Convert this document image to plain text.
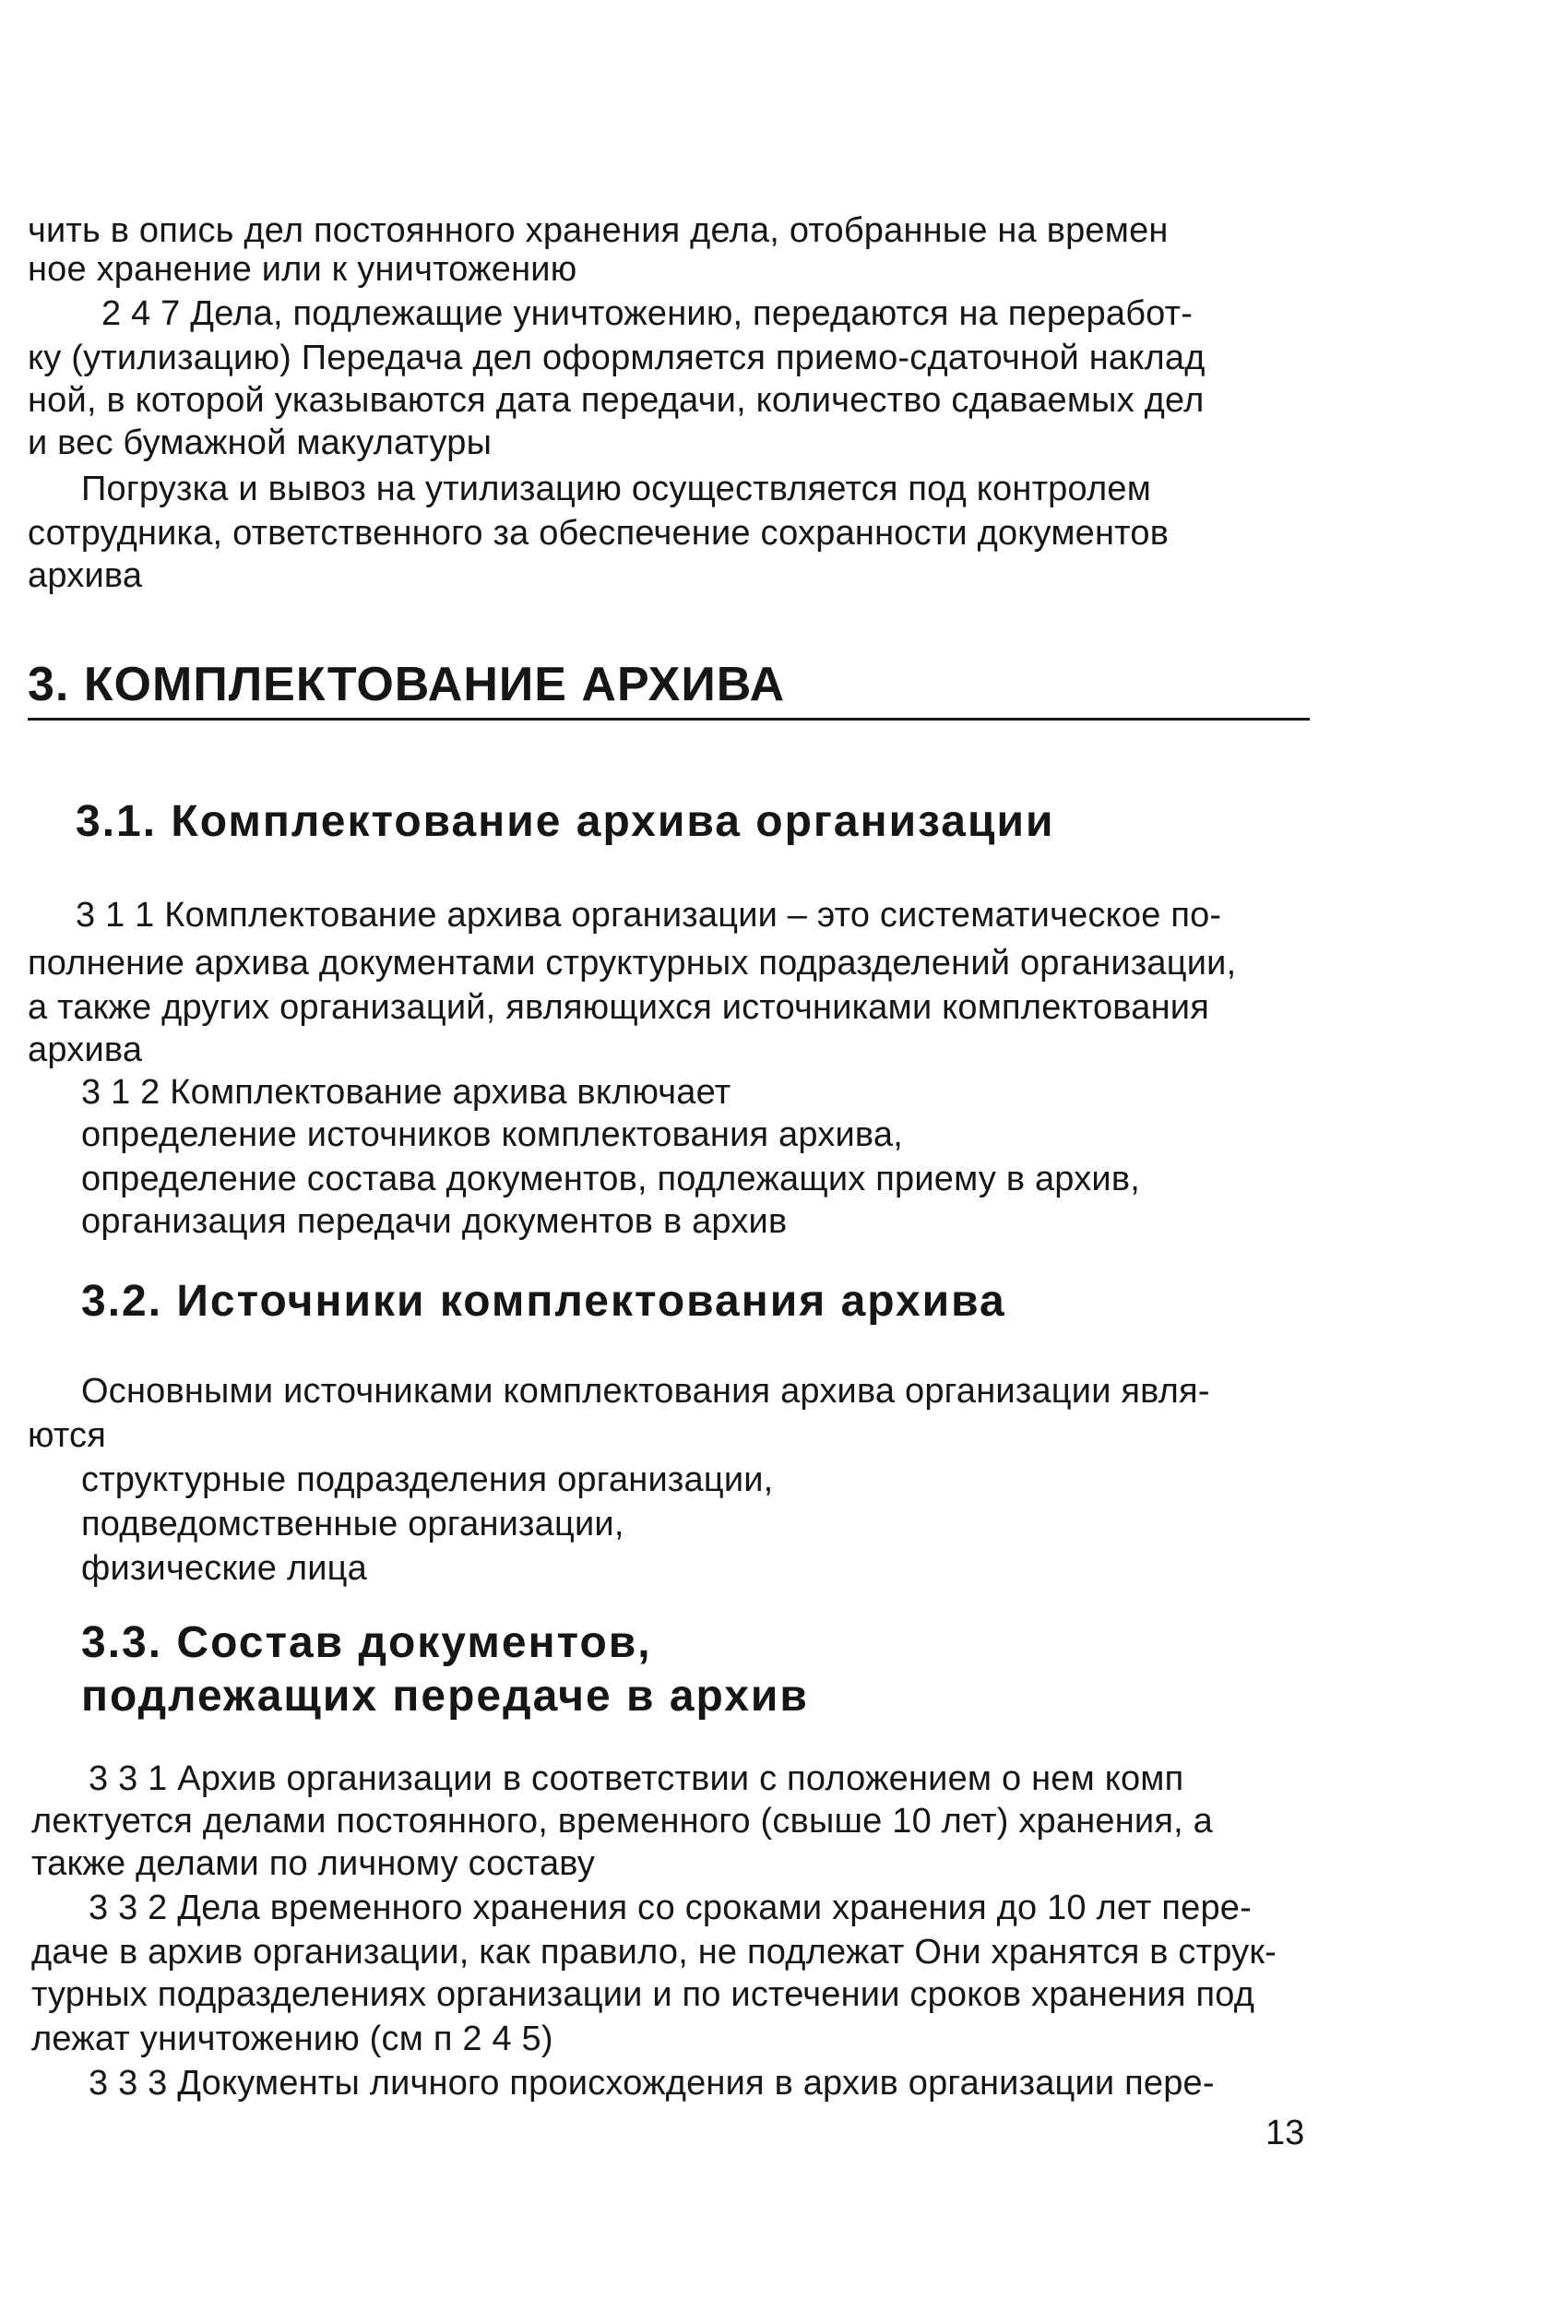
чить в опись дел постоянного хранения дела, отобранные на времен
ное хранение или к уничтожению
2 4 7 Дела, подлежащие уничтожению, передаются на переработ-
ку (утилизацию) Передача дел оформляется приемо-сдаточной наклад
ной, в которой указываются дата передачи, количество сдаваемых дел
и вес бумажной макулатуры
Погрузка и вывоз на утилизацию осуществляется под контролем
сотрудника, ответственного за обеспечение сохранности документов
архива
3. КОМПЛЕКТОВАНИЕ АРХИВА
3.1. Комплектование архива организации
3 1 1 Комплектование архива организации – это систематическое по-
полнение архива документами структурных подразделений организации,
а также других организаций, являющихся источниками комплектования
архива
3 1 2 Комплектование архива включает
определение источников комплектования архива,
определение состава документов, подлежащих приему в архив,
организация передачи документов в архив
3.2. Источники комплектования архива
Основными источниками комплектования архива организации явля-
ются
структурные подразделения организации,
подведомственные организации,
физические лица
3.3. Состав документов,
подлежащих передаче в архив
3 3 1 Архив организации в соответствии с положением о нем комп
лектуется делами постоянного, временного (свыше 10 лет) хранения, а
также делами по личному составу
3 3 2 Дела временного хранения со сроками хранения до 10 лет пере-
даче в архив организации, как правило, не подлежат Они хранятся в струк-
турных подразделениях организации и по истечении сроков хранения под
лежат уничтожению (см п 2 4 5)
3 3 3 Документы личного происхождения в архив организации пере-
13
